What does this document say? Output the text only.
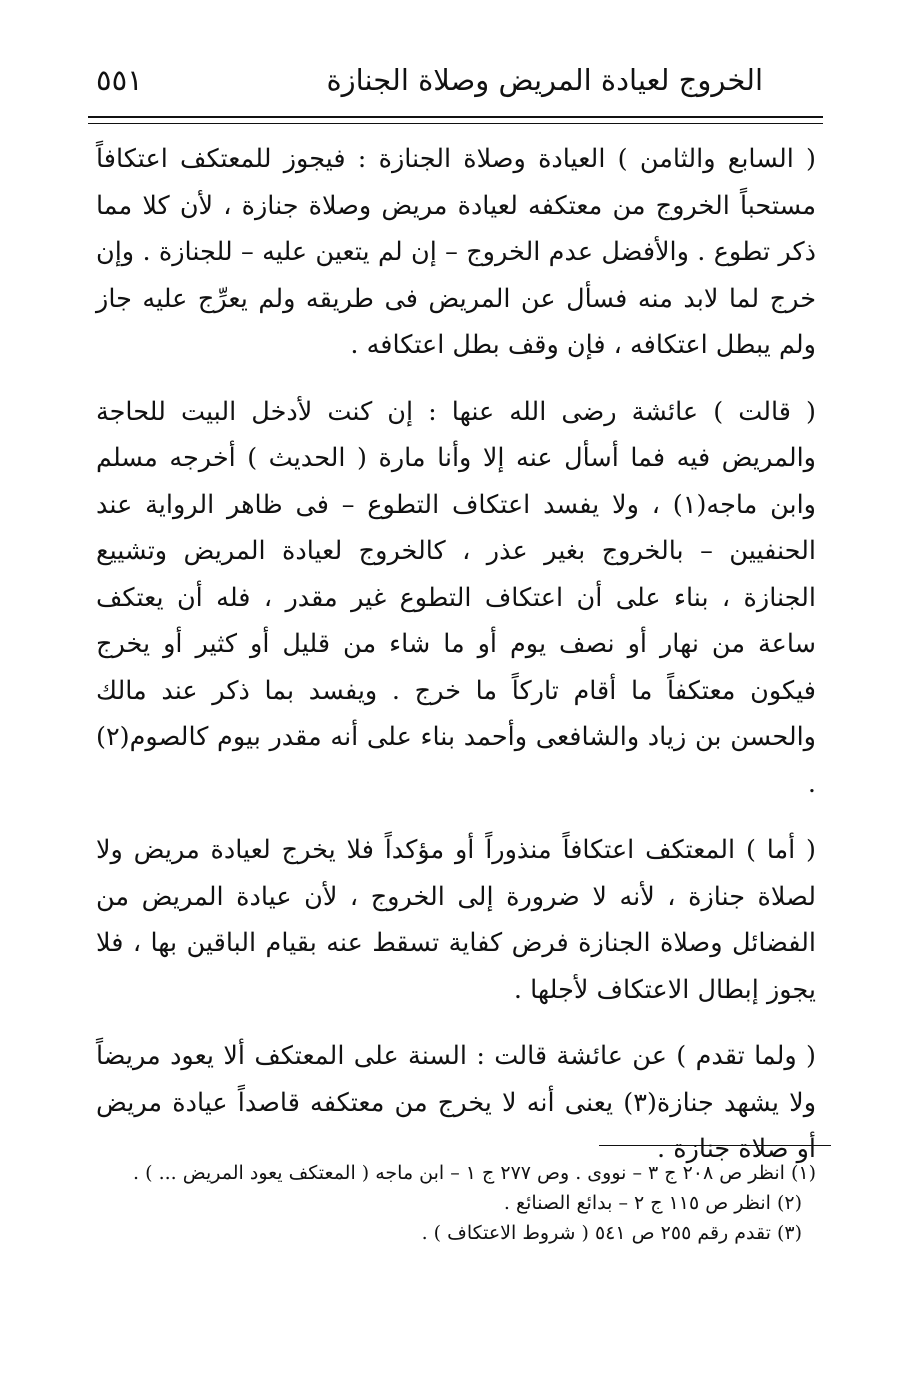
الخروج لعيادة المريض وصلاة الجنازة
٥٥١

( السابع والثامن ) العيادة وصلاة الجنازة : فيجوز للمعتكف اعتكافاً مستحباً الخروج من معتكفه لعيادة مريض وصلاة جنازة ، لأن كلا مما ذكر تطوع . والأفضل عدم الخروج – إن لم يتعين عليه – للجنازة . وإن خرج لما لابد منه فسأل عن المريض فى طريقه ولم يعرِّج عليه جاز ولم يبطل اعتكافه ، فإن وقف بطل اعتكافه .

( قالت ) عائشة رضى الله عنها : إن كنت لأدخل البيت للحاجة والمريض فيه فما أسأل عنه إلا وأنا مارة ( الحديث ) أخرجه مسلم وابن ماجه(١) ، ولا يفسد اعتكاف التطوع – فى ظاهر الرواية عند الحنفيين – بالخروج بغير عذر ، كالخروج لعيادة المريض وتشييع الجنازة ، بناء على أن اعتكاف التطوع غير مقدر ، فله أن يعتكف ساعة من نهار أو نصف يوم أو ما شاء من قليل أو كثير أو يخرج فيكون معتكفاً ما أقام تاركاً ما خرج . ويفسد بما ذكر عند مالك والحسن بن زياد والشافعى وأحمد بناء على أنه مقدر بيوم كالصوم(٢) .

( أما ) المعتكف اعتكافاً منذوراً أو مؤكداً فلا يخرج لعيادة مريض ولا لصلاة جنازة ، لأنه لا ضرورة إلى الخروج ، لأن عيادة المريض من الفضائل وصلاة الجنازة فرض كفاية تسقط عنه بقيام الباقين بها ، فلا يجوز إبطال الاعتكاف لأجلها .

( ولما تقدم ) عن عائشة قالت : السنة على المعتكف ألا يعود مريضاً ولا يشهد جنازة(٣) يعنى أنه لا يخرج من معتكفه قاصداً عيادة مريض أو صلاة جنازة .

(١) انظر ص ٢٠٨ ج ٣ – نووى . وص ٢٧٧ ج ١ – ابن ماجه ( المعتكف يعود المريض ... ) .

(٢) انظر ص ١١٥ ج ٢ – بدائع الصنائع .

(٣) تقدم رقم ٢٥٥ ص ٥٤١ ( شروط الاعتكاف ) .
